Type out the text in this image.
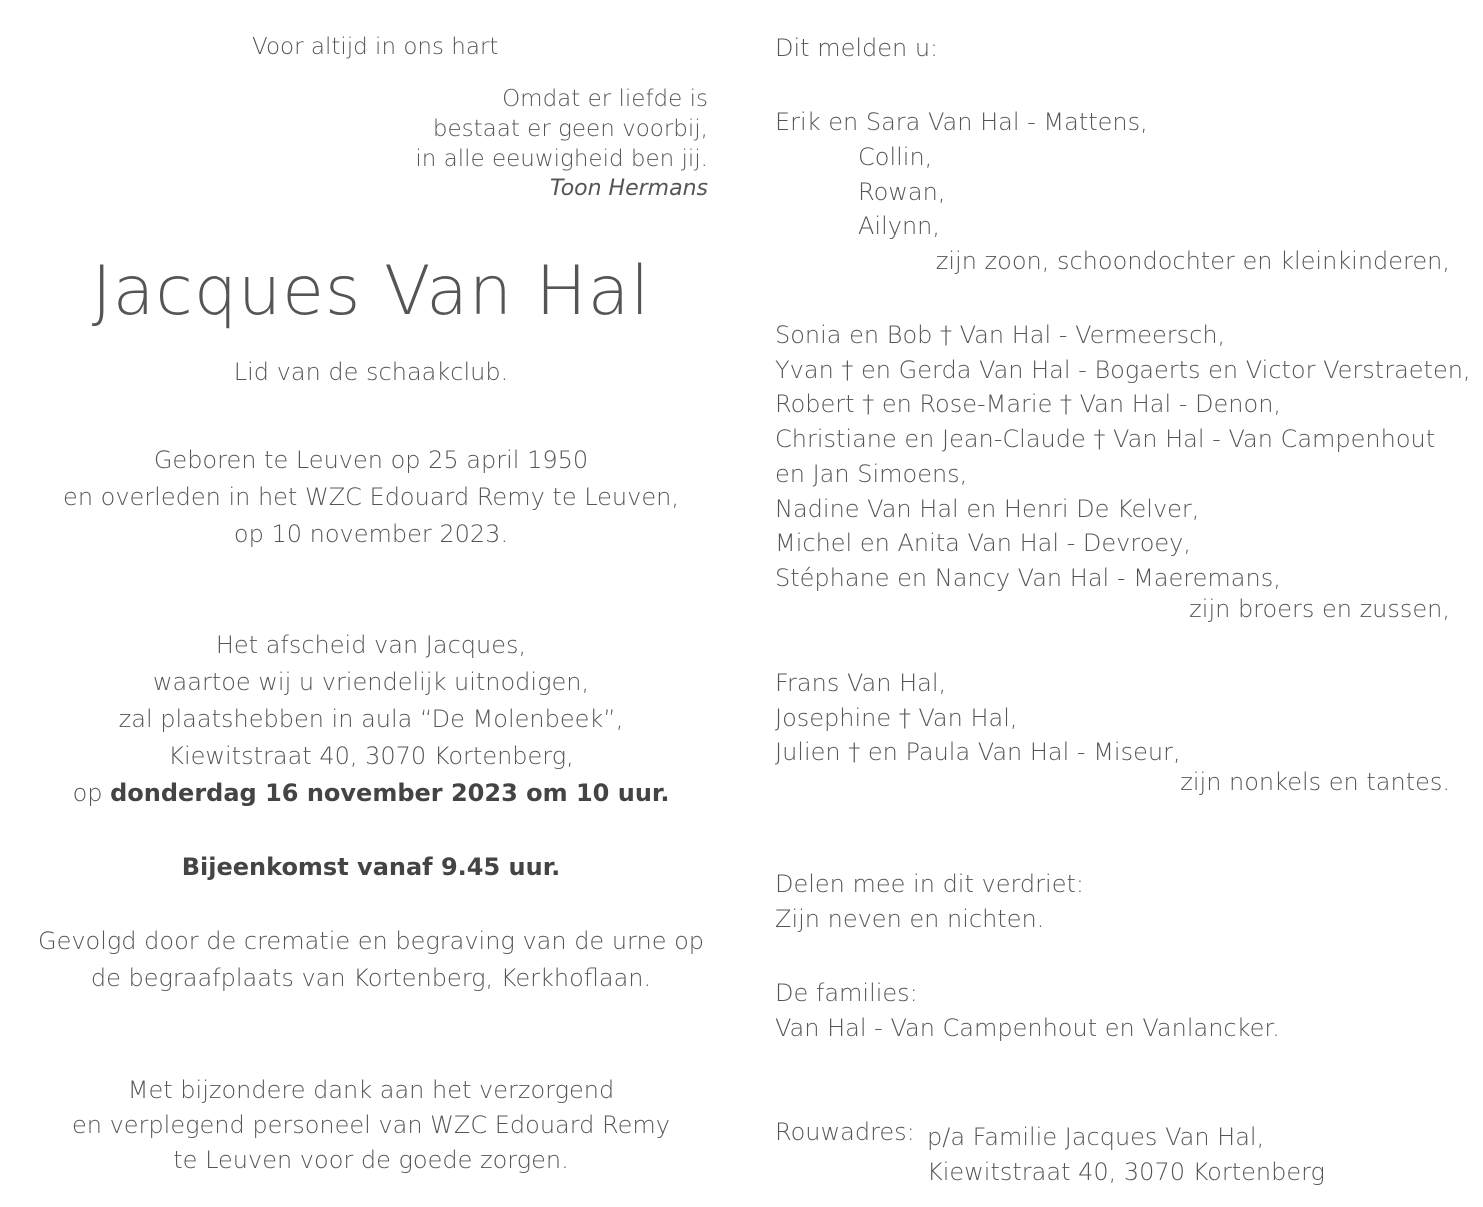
Voor altijd in ons hart
Omdat er liefde is
bestaat er geen voorbij,
in alle eeuwigheid ben jij.
Toon Hermans
Jacques Van Hal
Lid van de schaakclub.
Geboren te Leuven op 25 april 1950
en overleden in het WZC Edouard Remy te Leuven,
op 10 november 2023.
Het afscheid van Jacques,
waartoe wij u vriendelijk uitnodigen,
zal plaatshebben in aula “De Molenbeek”,
Kiewitstraat 40, 3070 Kortenberg,
op donderdag 16 november 2023 om 10 uur.
Bijeenkomst vanaf 9.45 uur.
Gevolgd door de crematie en begraving van de urne op
de begraafplaats van Kortenberg, Kerkhoflaan.
Met bijzondere dank aan het verzorgend
en verplegend personeel van WZC Edouard Remy
te Leuven voor de goede zorgen.
Dit melden u:
Erik en Sara Van Hal - Mattens,
Collin,
Rowan,
Ailynn,
zijn zoon, schoondochter en kleinkinderen,
Sonia en Bob † Van Hal - Vermeersch,
Yvan † en Gerda Van Hal - Bogaerts en Victor Verstraeten,
Robert † en Rose-Marie † Van Hal - Denon,
Christiane en Jean-Claude † Van Hal - Van Campenhout
en Jan Simoens,
Nadine Van Hal en Henri De Kelver,
Michel en Anita Van Hal - Devroey,
Stéphane en Nancy Van Hal - Maeremans,
zijn broers en zussen,
Frans Van Hal,
Josephine † Van Hal,
Julien † en Paula Van Hal - Miseur,
zijn nonkels en tantes.
Delen mee in dit verdriet:
Zijn neven en nichten.
De families:
Van Hal - Van Campenhout en Vanlancker.
Rouwadres: p/a Familie Jacques Van Hal,
Kiewitstraat 40, 3070 Kortenberg
